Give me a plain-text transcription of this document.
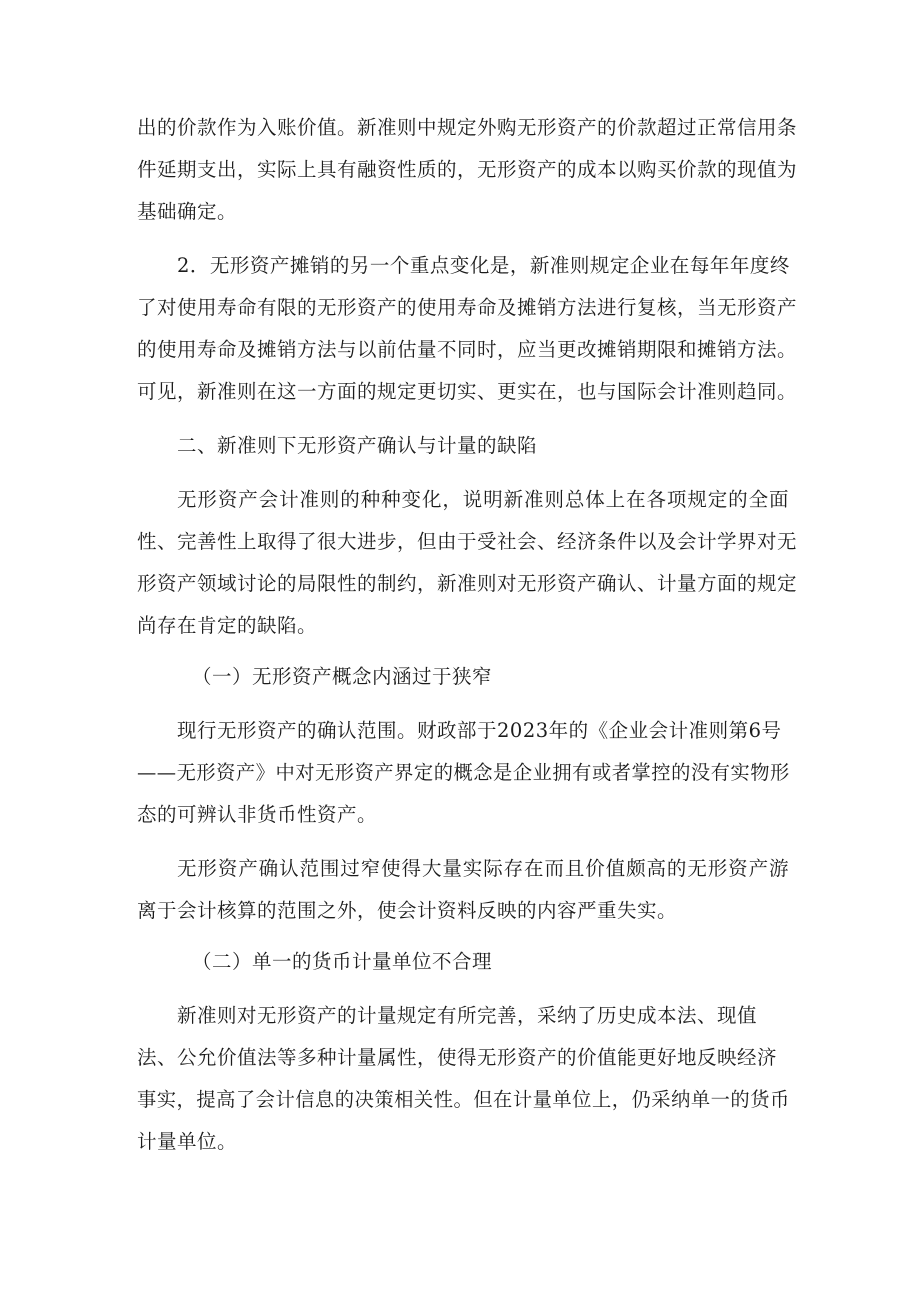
出的价款作为入账价值。新准则中规定外购无形资产的价款超过正常信用条
件延期支出，实际上具有融资性质的，无形资产的成本以购买价款的现值为
基础确定。
2．无形资产摊销的另一个重点变化是，新准则规定企业在每年年度终
了对使用寿命有限的无形资产的使用寿命及摊销方法进行复核，当无形资产
的使用寿命及摊销方法与以前估量不同时，应当更改摊销期限和摊销方法。
可见，新准则在这一方面的规定更切实、更实在，也与国际会计准则趋同。
二、新准则下无形资产确认与计量的缺陷
无形资产会计准则的种种变化，说明新准则总体上在各项规定的全面
性、完善性上取得了很大进步，但由于受社会、经济条件以及会计学界对无
形资产领域讨论的局限性的制约，新准则对无形资产确认、计量方面的规定
尚存在肯定的缺陷。
（一）无形资产概念内涵过于狭窄
现行无形资产的确认范围。财政部于2023年的《企业会计准则第6号
——无形资产》中对无形资产界定的概念是企业拥有或者掌控的没有实物形
态的可辨认非货币性资产。
无形资产确认范围过窄使得大量实际存在而且价值颇高的无形资产游
离于会计核算的范围之外，使会计资料反映的内容严重失实。
（二）单一的货币计量单位不合理
新准则对无形资产的计量规定有所完善，采纳了历史成本法、现值
法、公允价值法等多种计量属性，使得无形资产的价值能更好地反映经济
事实，提高了会计信息的决策相关性。但在计量单位上，仍采纳单一的货币
计量单位。
